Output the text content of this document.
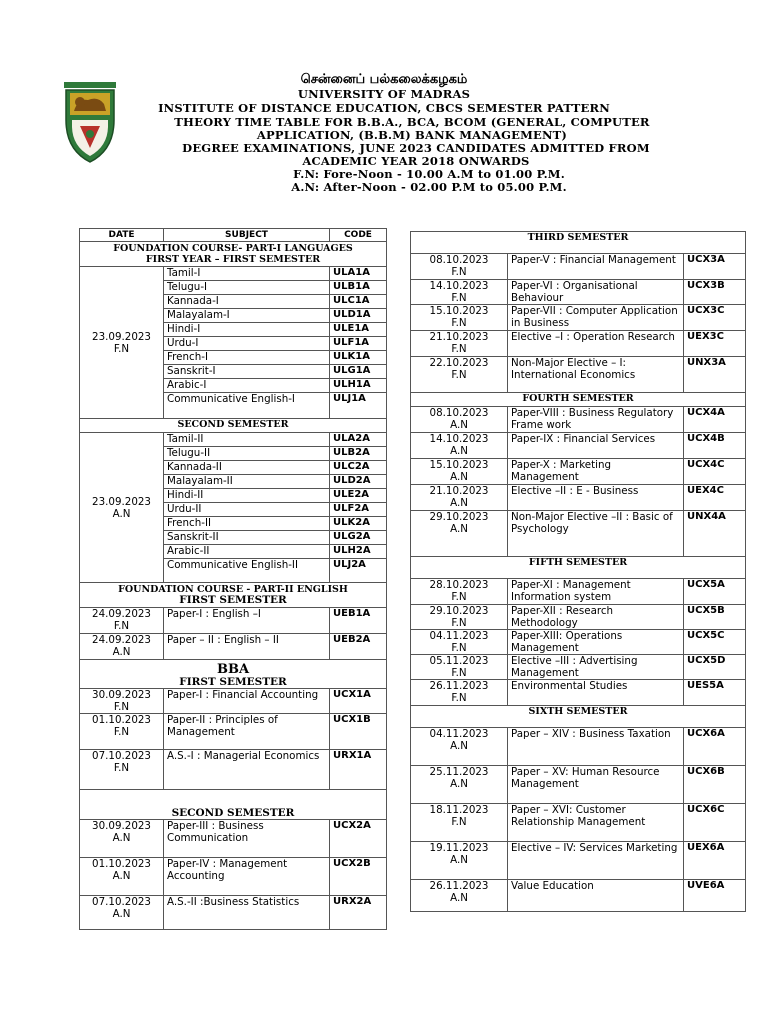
சென்னைப் பல்கலைக்கழகம்
UNIVERSITY OF MADRAS
INSTITUTE OF DISTANCE EDUCATION, CBCS SEMESTER PATTERN
THEORY TIME TABLE FOR B.B.A., BCA, BCOM (GENERAL, COMPUTER
APPLICATION, (B.B.M) BANK MANAGEMENT)
DEGREE EXAMINATIONS, JUNE 2023 CANDIDATES ADMITTED FROM
ACADEMIC YEAR 2018 ONWARDS
F.N: Fore-Noon - 10.00 A.M to 01.00 P.M.
A.N: After-Noon - 02.00 P.M to 05.00 P.M.
DATE	SUBJECT	CODE

FOUNDATION COURSE- PART-I LANGUAGES
FIRST YEAR – FIRST SEMESTER		

23.09.2023
F.N	Tamil-I	ULA1A
	Telugu-I	ULB1A
	Kannada-I	ULC1A
	Malayalam-I	ULD1A
	Hindi-I	ULE1A
	Urdu-I	ULF1A
	French-I	ULK1A
	Sanskrit-I	ULG1A
	Arabic-I	ULH1A
	Communicative English-I	ULJ1A
SECOND SEMESTER		

23.09.2023
A.N	Tamil-II	ULA2A
	Telugu-II	ULB2A
	Kannada-II	ULC2A
	Malayalam-II	ULD2A
	Hindi-II	ULE2A
	Urdu-II	ULF2A
	French-II	ULK2A
	Sanskrit-II	ULG2A
	Arabic-II	ULH2A
	Communicative English-II	ULJ2A

FOUNDATION COURSE - PART-II ENGLISH
FIRST SEMESTER		

24.09.2023
F.N	Paper-I : English –I	UEB1A

24.09.2023
A.N	Paper – II : English – II	UEB2A

BBA
FIRST SEMESTER		

30.09.2023
F.N	Paper-I : Financial Accounting	UCX1A

01.10.2023
F.N	Paper-II : Principles of Management	UCX1B

07.10.2023
F.N	A.S.-I : Managerial Economics	URX1A
SECOND SEMESTER		

30.09.2023
A.N	Paper-III : Business Communication	UCX2A

01.10.2023
A.N	Paper-IV : Management Accounting	UCX2B

07.10.2023
A.N	A.S.-II :Business Statistics	URX2A
THIRD SEMESTER		

08.10.2023
F.N	Paper-V : Financial Management	UCX3A

14.10.2023
F.N	Paper-VI : Organisational Behaviour	UCX3B

15.10.2023
F.N	Paper-VII : Computer Application in Business	UCX3C

21.10.2023
F.N	Elective –I : Operation Research	UEX3C

22.10.2023
F.N	Non-Major Elective – I: International Economics	UNX3A
FOURTH SEMESTER		

08.10.2023
A.N	Paper-VIII : Business Regulatory Frame work	UCX4A

14.10.2023
A.N	Paper-IX : Financial Services	UCX4B

15.10.2023
A.N	Paper-X : Marketing Management	UCX4C

21.10.2023
A.N	Elective –II : E - Business	UEX4C

29.10.2023
A.N	Non-Major Elective –II : Basic of Psychology	UNX4A
FIFTH SEMESTER		

28.10.2023
F.N	Paper-XI : Management Information system	UCX5A

29.10.2023
F.N	Paper-XII : Research Methodology	UCX5B

04.11.2023
F.N	Paper-XIII: Operations Management	UCX5C

05.11.2023
F.N	Elective –III : Advertising Management	UCX5D

26.11.2023
F.N	Environmental Studies	UES5A
SIXTH SEMESTER		

04.11.2023
A.N	Paper – XIV : Business Taxation	UCX6A

25.11.2023
A.N	Paper – XV: Human Resource Management	UCX6B

18.11.2023
F.N	Paper – XVI: Customer Relationship Management	UCX6C

19.11.2023
A.N	Elective – IV: Services Marketing	UEX6A

26.11.2023
A.N	Value Education	UVE6A
